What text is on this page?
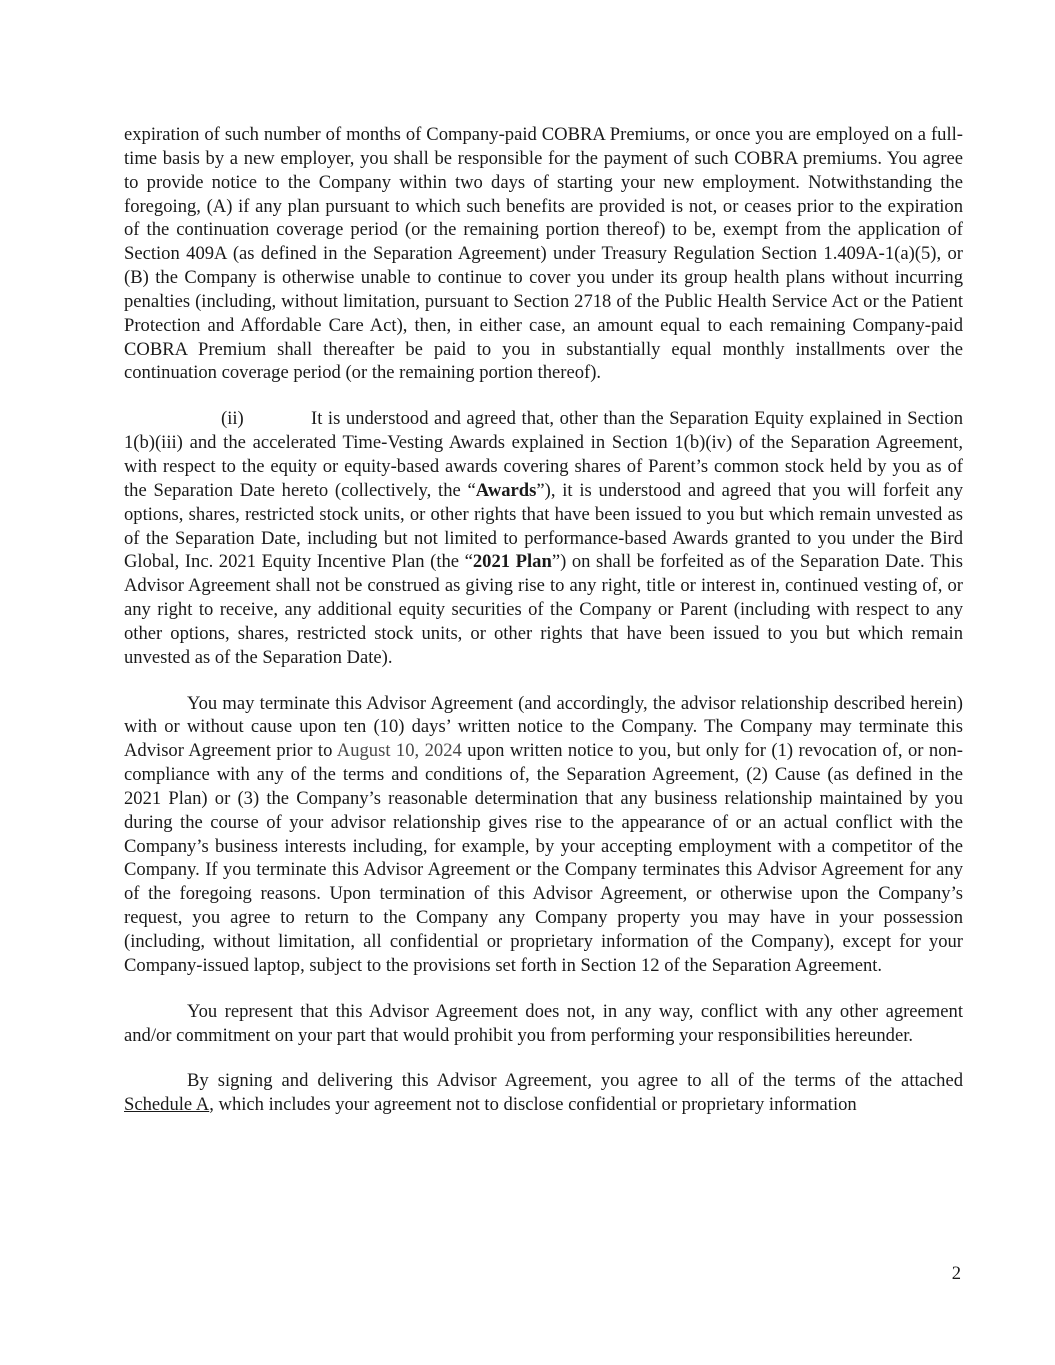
expiration of such number of months of Company-paid COBRA Premiums, or once you are employed on a full-time basis by a new employer, you shall be responsible for the payment of such COBRA premiums. You agree to provide notice to the Company within two days of starting your new employment. Notwithstanding the foregoing, (A) if any plan pursuant to which such benefits are provided is not, or ceases prior to the expiration of the continuation coverage period (or the remaining portion thereof) to be, exempt from the application of Section 409A (as defined in the Separation Agreement) under Treasury Regulation Section 1.409A-1(a)(5), or (B) the Company is otherwise unable to continue to cover you under its group health plans without incurring penalties (including, without limitation, pursuant to Section 2718 of the Public Health Service Act or the Patient Protection and Affordable Care Act), then, in either case, an amount equal to each remaining Company-paid COBRA Premium shall thereafter be paid to you in substantially equal monthly installments over the continuation coverage period (or the remaining portion thereof).

(ii)	It is understood and agreed that, other than the Separation Equity explained in Section 1(b)(iii) and the accelerated Time-Vesting Awards explained in Section 1(b)(iv) of the Separation Agreement, with respect to the equity or equity-based awards covering shares of Parent’s common stock held by you as of the Separation Date hereto (collectively, the “Awards”), it is understood and agreed that you will forfeit any options, shares, restricted stock units, or other rights that have been issued to you but which remain unvested as of the Separation Date, including but not limited to performance-based Awards granted to you under the Bird Global, Inc. 2021 Equity Incentive Plan (the “2021 Plan”) on shall be forfeited as of the Separation Date. This Advisor Agreement shall not be construed as giving rise to any right, title or interest in, continued vesting of, or any right to receive, any additional equity securities of the Company or Parent (including with respect to any other options, shares, restricted stock units, or other rights that have been issued to you but which remain unvested as of the Separation Date).

You may terminate this Advisor Agreement (and accordingly, the advisor relationship described herein) with or without cause upon ten (10) days’ written notice to the Company. The Company may terminate this Advisor Agreement prior to August 10, 2024 upon written notice to you, but only for (1) revocation of, or non-compliance with any of the terms and conditions of, the Separation Agreement, (2) Cause (as defined in the 2021 Plan) or (3) the Company’s reasonable determination that any business relationship maintained by you during the course of your advisor relationship gives rise to the appearance of or an actual conflict with the Company’s business interests including, for example, by your accepting employment with a competitor of the Company. If you terminate this Advisor Agreement or the Company terminates this Advisor Agreement for any of the foregoing reasons. Upon termination of this Advisor Agreement, or otherwise upon the Company’s request, you agree to return to the Company any Company property you may have in your possession (including, without limitation, all confidential or proprietary information of the Company), except for your Company-issued laptop, subject to the provisions set forth in Section 12 of the Separation Agreement.

You represent that this Advisor Agreement does not, in any way, conflict with any other agreement and/or commitment on your part that would prohibit you from performing your responsibilities hereunder.

By signing and delivering this Advisor Agreement, you agree to all of the terms of the attached Schedule A, which includes your agreement not to disclose confidential or proprietary information

2
